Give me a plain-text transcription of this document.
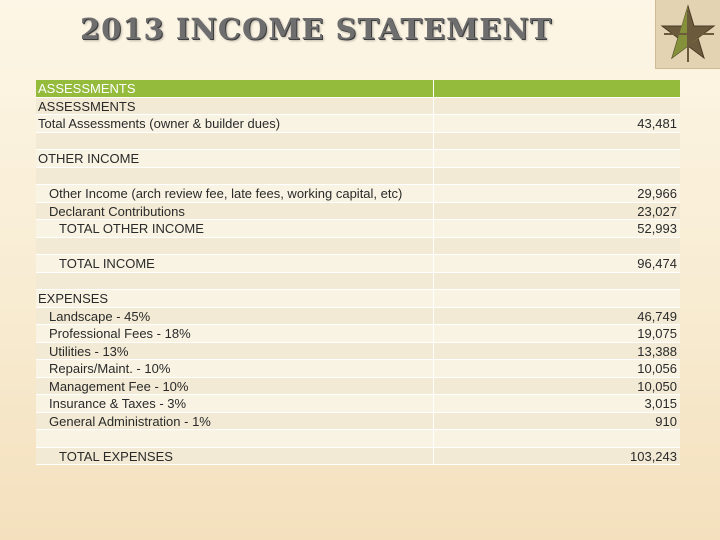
2013 INCOME STATEMENT
ASSESSMENTS
ASSESSMENTS
Total Assessments (owner & builder dues)	43,481
OTHER INCOME
Other Income (arch review fee, late fees, working capital, etc)	29,966
Declarant Contributions	23,027
TOTAL OTHER INCOME	52,993
TOTAL INCOME	96,474
EXPENSES
Landscape - 45%	46,749
Professional Fees - 18%	19,075
Utilities - 13%	13,388
Repairs/Maint. - 10%	10,056
Management Fee - 10%	10,050
Insurance & Taxes - 3%	3,015
General Administration - 1%	910
TOTAL EXPENSES	103,243
